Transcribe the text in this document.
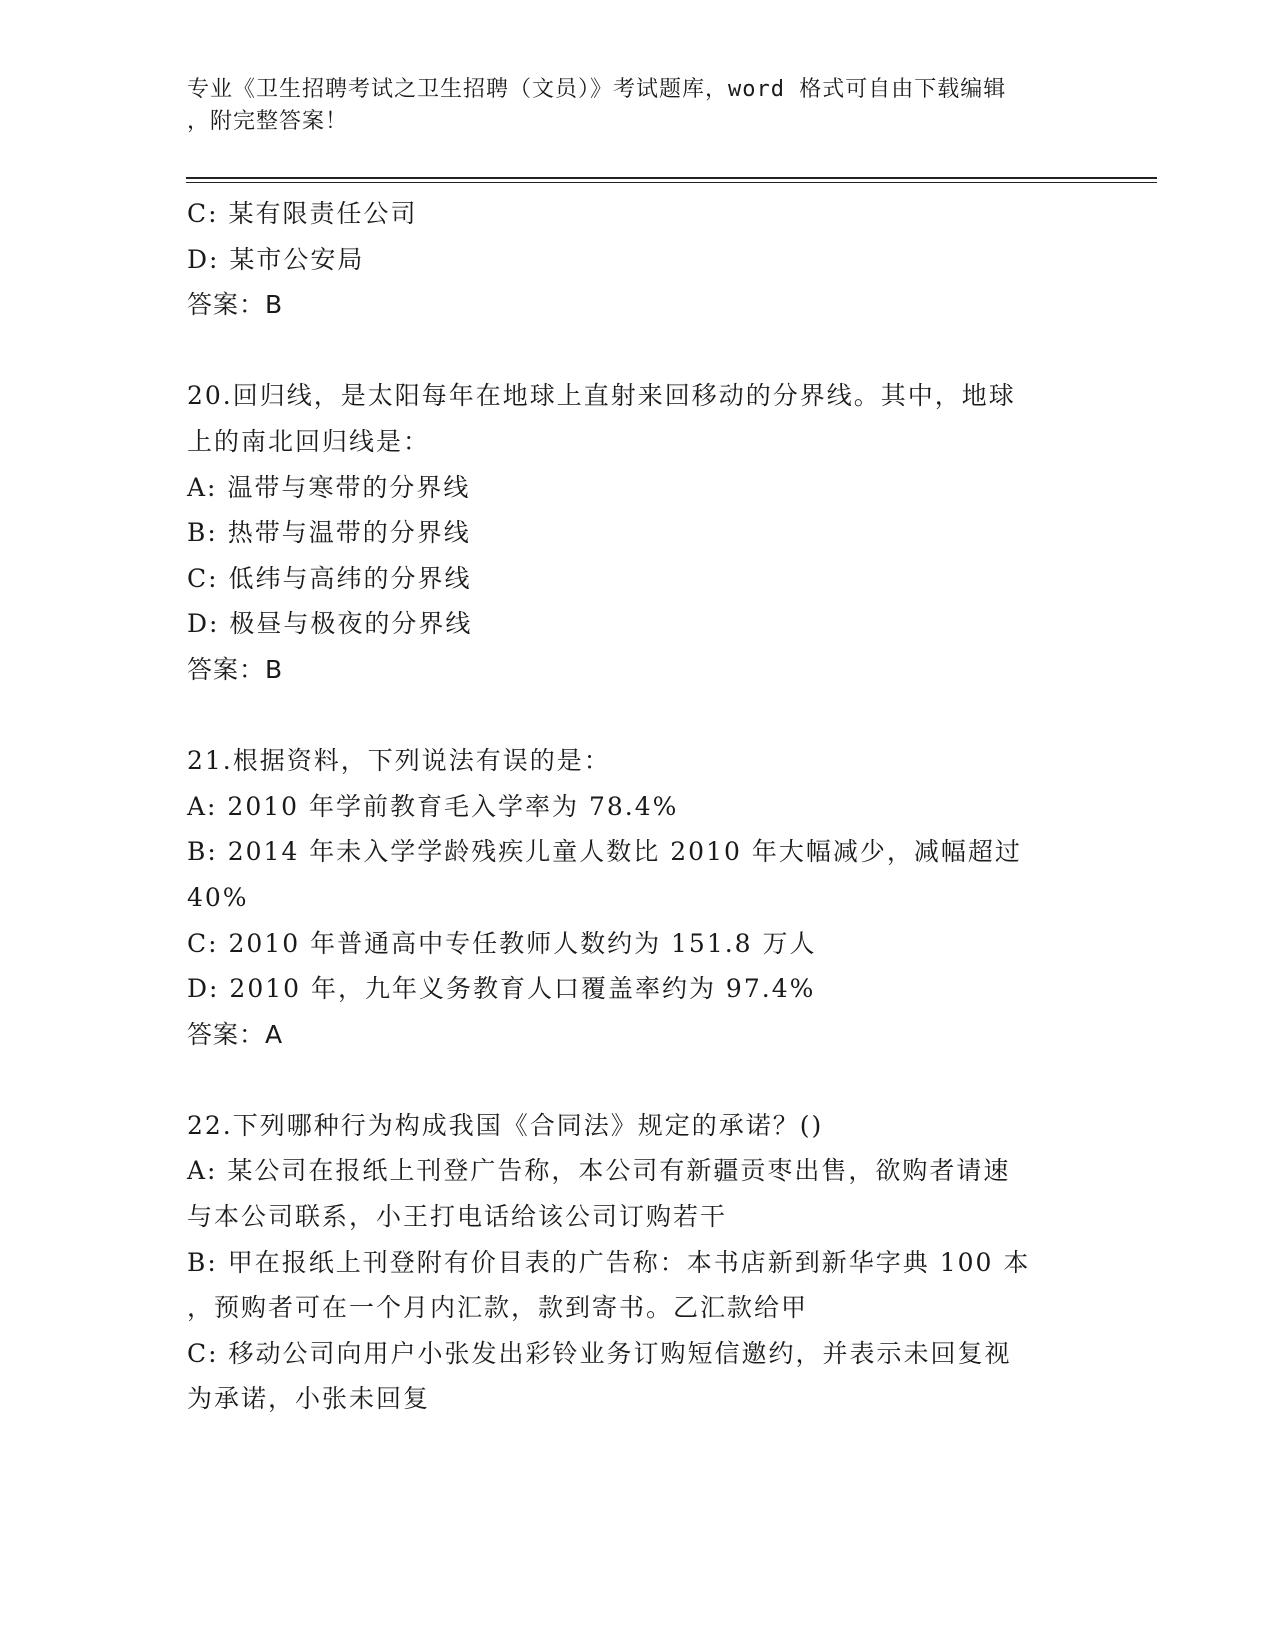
专业《卫生招聘考试之卫生招聘（文员）》考试题库，word 格式可自由下载编辑

，附完整答案！

C: 某有限责任公司
D: 某市公安局
答案：B
20.回归线，是太阳每年在地球上直射来回移动的分界线。其中，地球
上的南北回归线是：
A: 温带与寒带的分界线
B: 热带与温带的分界线
C: 低纬与高纬的分界线
D: 极昼与极夜的分界线
答案：B
21.根据资料，下列说法有误的是：
A: 2010 年学前教育毛入学率为 78.4%
B: 2014 年未入学学龄残疾儿童人数比 2010 年大幅减少，减幅超过
40%
C: 2010 年普通高中专任教师人数约为 151.8 万人
D: 2010 年，九年义务教育人口覆盖率约为 97.4%
答案：A
22.下列哪种行为构成我国《合同法》规定的承诺？()
A: 某公司在报纸上刊登广告称，本公司有新疆贡枣出售，欲购者请速
与本公司联系，小王打电话给该公司订购若干
B: 甲在报纸上刊登附有价目表的广告称：本书店新到新华字典 100 本
，预购者可在一个月内汇款，款到寄书。乙汇款给甲
C: 移动公司向用户小张发出彩铃业务订购短信邀约，并表示未回复视
为承诺，小张未回复
